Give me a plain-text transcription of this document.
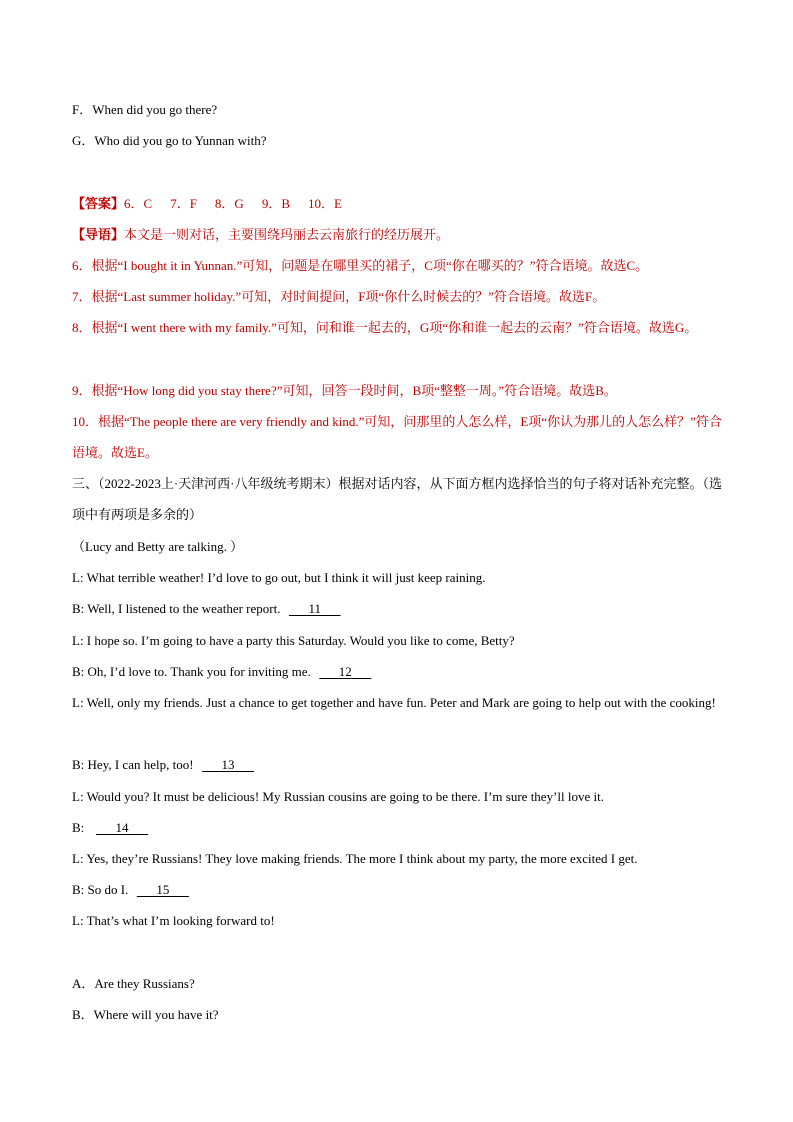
F．When did you go there?
G．Who did you go to Yunnan with?
【答案】6．C 7．F 8．G 9．B 10．E
【导语】本文是一则对话，主要围绕玛丽去云南旅行的经历展开。
6．根据“I bought it in Yunnan.”可知，问题是在哪里买的裙子，C项“你在哪买的？”符合语境。故选C。
7．根据“Last summer holiday.”可知，对时间提问，F项“你什么时候去的？”符合语境。故选F。
8．根据“I went there with my family.”可知，问和谁一起去的，G项“你和谁一起去的云南？”符合语境。故选G。
9．根据“How long did you stay there?”可知，回答一段时间，B项“整整一周。”符合语境。故选B。
10．根据“The people there are very friendly and kind.”可知，问那里的人怎么样，E项“你认为那儿的人怎么样？”符合语境。故选E。
三、（2022-2023上·天津河西·八年级统考期末）根据对话内容，从下面方框内选择恰当的句子将对话补充完整。（选项中有两项是多余的）
（Lucy and Betty are talking. ）
L: What terrible weather! I’d love to go out, but I think it will just keep raining.
B: Well, I listened to the weather report. 11
L: I hope so. I’m going to have a party this Saturday. Would you like to come, Betty?
B: Oh, I’d love to. Thank you for inviting me. 12
L: Well, only my friends. Just a chance to get together and have fun. Peter and Mark are going to help out with the cooking!
B: Hey, I can help, too! 13
L: Would you? It must be delicious! My Russian cousins are going to be there. I’m sure they’ll love it.
B: 14
L: Yes, they’re Russians! They love making friends. The more I think about my party, the more excited I get.
B: So do I. 15
L: That’s what I’m looking forward to!
A．Are they Russians?
B．Where will you have it?
